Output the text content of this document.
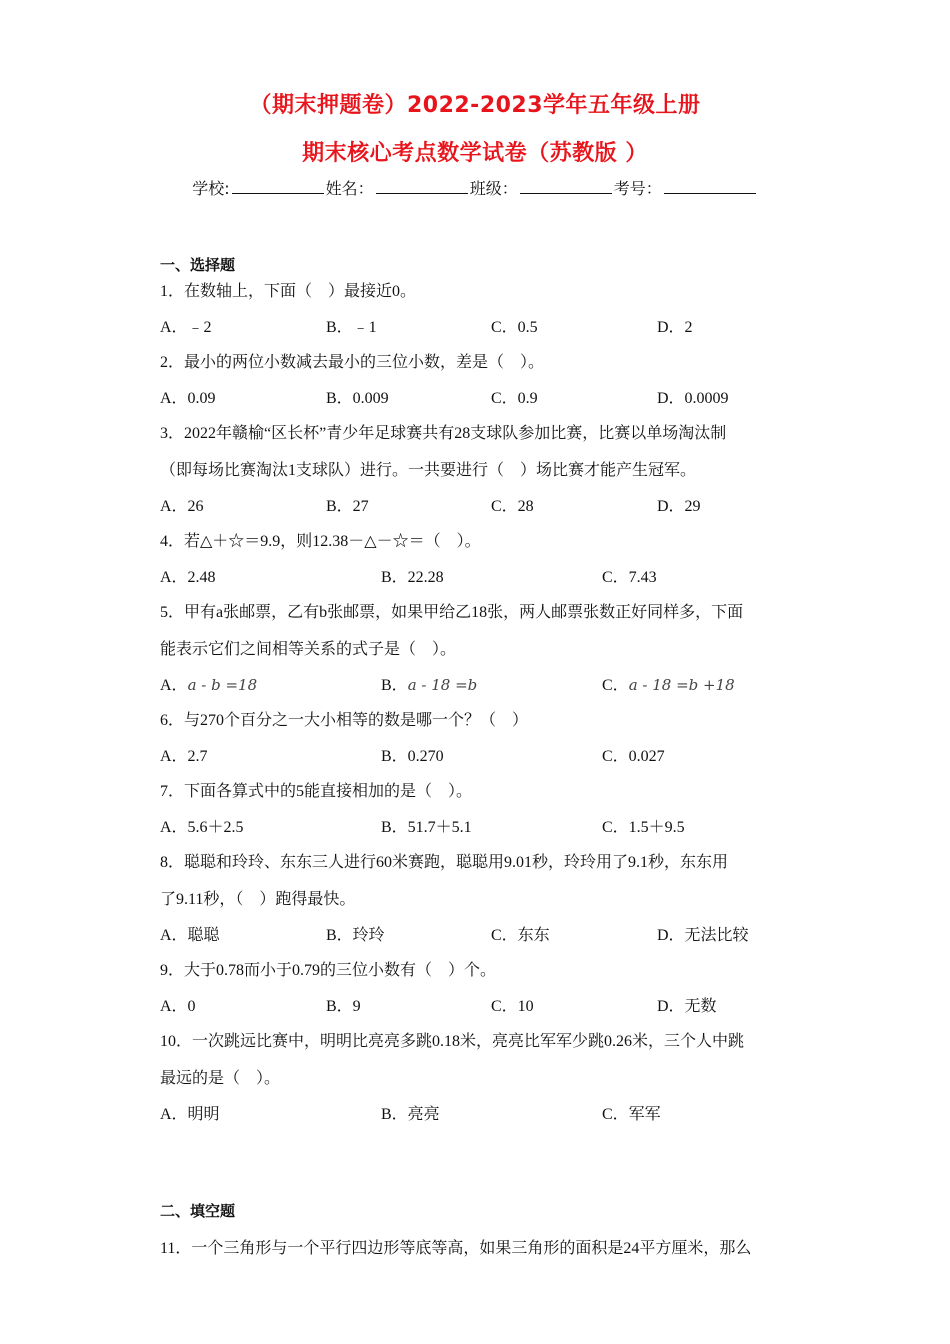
（期末押题卷）2022-2023学年五年级上册
期末核心考点数学试卷（苏教版 ）
学校:	姓名：	班级：	考号：
一、选择题
1．在数轴上，下面（　）最接近0。
A．﹣2	B．﹣1	C．0.5	D．2
2．最小的两位小数减去最小的三位小数，差是（　）。
A．0.09	B．0.009	C．0.9	D．0.0009
3．2022年赣榆“区长杯”青少年足球赛共有28支球队参加比赛，比赛以单场淘汰制
（即每场比赛淘汰1支球队）进行。一共要进行（　）场比赛才能产生冠军。
A．26	B．27	C．28	D．29
4．若△＋☆＝9.9，则12.38－△－☆＝（　）。
A．2.48	B．22.28	C．7.43
5．甲有a张邮票，乙有b张邮票，如果甲给乙18张，两人邮票张数正好同样多，下面
能表示它们之间相等关系的式子是（　）。
A．a - b =18	B．a - 18 =b	C．a - 18 =b +18
6．与270个百分之一大小相等的数是哪一个？（　）
A．2.7	B．0.270	C．0.027
7．下面各算式中的5能直接相加的是（　）。
A．5.6＋2.5	B．51.7＋5.1	C．1.5＋9.5
8．聪聪和玲玲、东东三人进行60米赛跑，聪聪用9.01秒，玲玲用了9.1秒，东东用
了9.11秒，（　）跑得最快。
A．聪聪	B．玲玲	C．东东	D．无法比较
9．大于0.78而小于0.79的三位小数有（　）个。
A．0	B．9	C．10	D．无数
10．一次跳远比赛中，明明比亮亮多跳0.18米，亮亮比军军少跳0.26米，三个人中跳
最远的是（　）。
A．明明	B．亮亮	C．军军
二、填空题
11．一个三角形与一个平行四边形等底等高，如果三角形的面积是24平方厘米，那么
